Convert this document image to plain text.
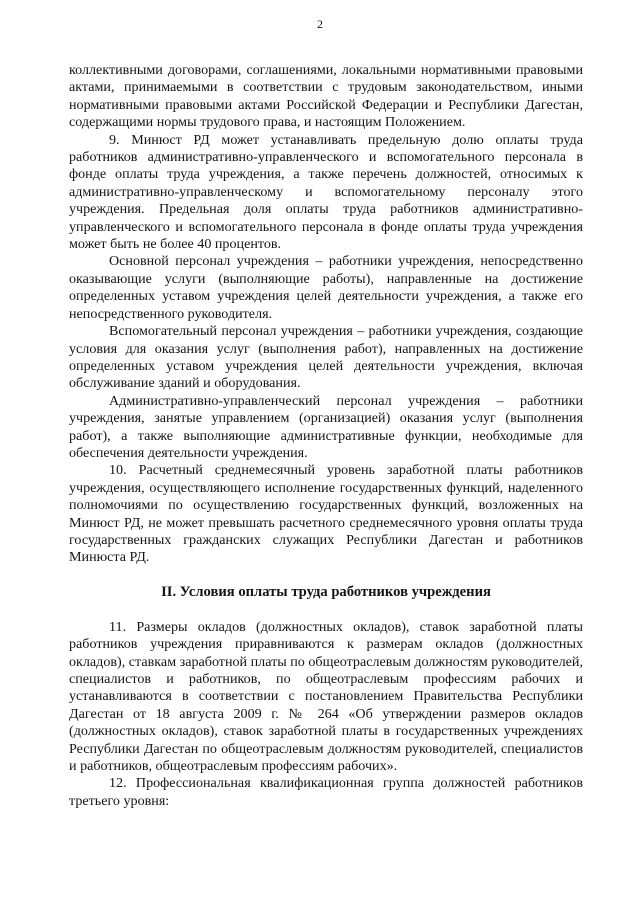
2

коллективными договорами, соглашениями, локальными нормативными правовыми актами, принимаемыми в соответствии с трудовым законодательством, иными нормативными правовыми актами Российской Федерации и Республики Дагестан, содержащими нормы трудового права, и настоящим Положением.

9. Минюст РД может устанавливать предельную долю оплаты труда работников административно-управленческого и вспомогательного персонала в фонде оплаты труда учреждения, а также перечень должностей, относимых к административно-управленческому и вспомогательному персоналу этого учреждения. Предельная доля оплаты труда работников административно-управленческого и вспомогательного персонала в фонде оплаты труда учреждения может быть не более 40 процентов.

Основной персонал учреждения – работники учреждения, непосредственно оказывающие услуги (выполняющие работы), направленные на достижение определенных уставом учреждения целей деятельности учреждения, а также его непосредственного руководителя.

Вспомогательный персонал учреждения – работники учреждения, создающие условия для оказания услуг (выполнения работ), направленных на достижение определенных уставом учреждения целей деятельности учреждения, включая обслуживание зданий и оборудования.

Административно-управленческий персонал учреждения – работники учреждения, занятые управлением (организацией) оказания услуг (выполнения работ), а также выполняющие административные функции, необходимые для обеспечения деятельности учреждения.

10. Расчетный среднемесячный уровень заработной платы работников учреждения, осуществляющего исполнение государственных функций, наделенного полномочиями по осуществлению государственных функций, возложенных на Минюст РД, не может превышать расчетного среднемесячного уровня оплаты труда государственных гражданских служащих Республики Дагестан и работников Минюста РД.

II. Условия оплаты труда работников учреждения

11. Размеры окладов (должностных окладов), ставок заработной платы работников учреждения приравниваются к размерам окладов (должностных окладов), ставкам заработной платы по общеотраслевым должностям руководителей, специалистов и работников, по общеотраслевым профессиям рабочих и устанавливаются в соответствии с постановлением Правительства Республики Дагестан от 18 августа 2009 г. № 264 «Об утверждении размеров окладов (должностных окладов), ставок заработной платы в государственных учреждениях Республики Дагестан по общеотраслевым должностям руководителей, специалистов и работников, общеотраслевым профессиям рабочих».

12. Профессиональная квалификационная группа должностей работников третьего уровня:
